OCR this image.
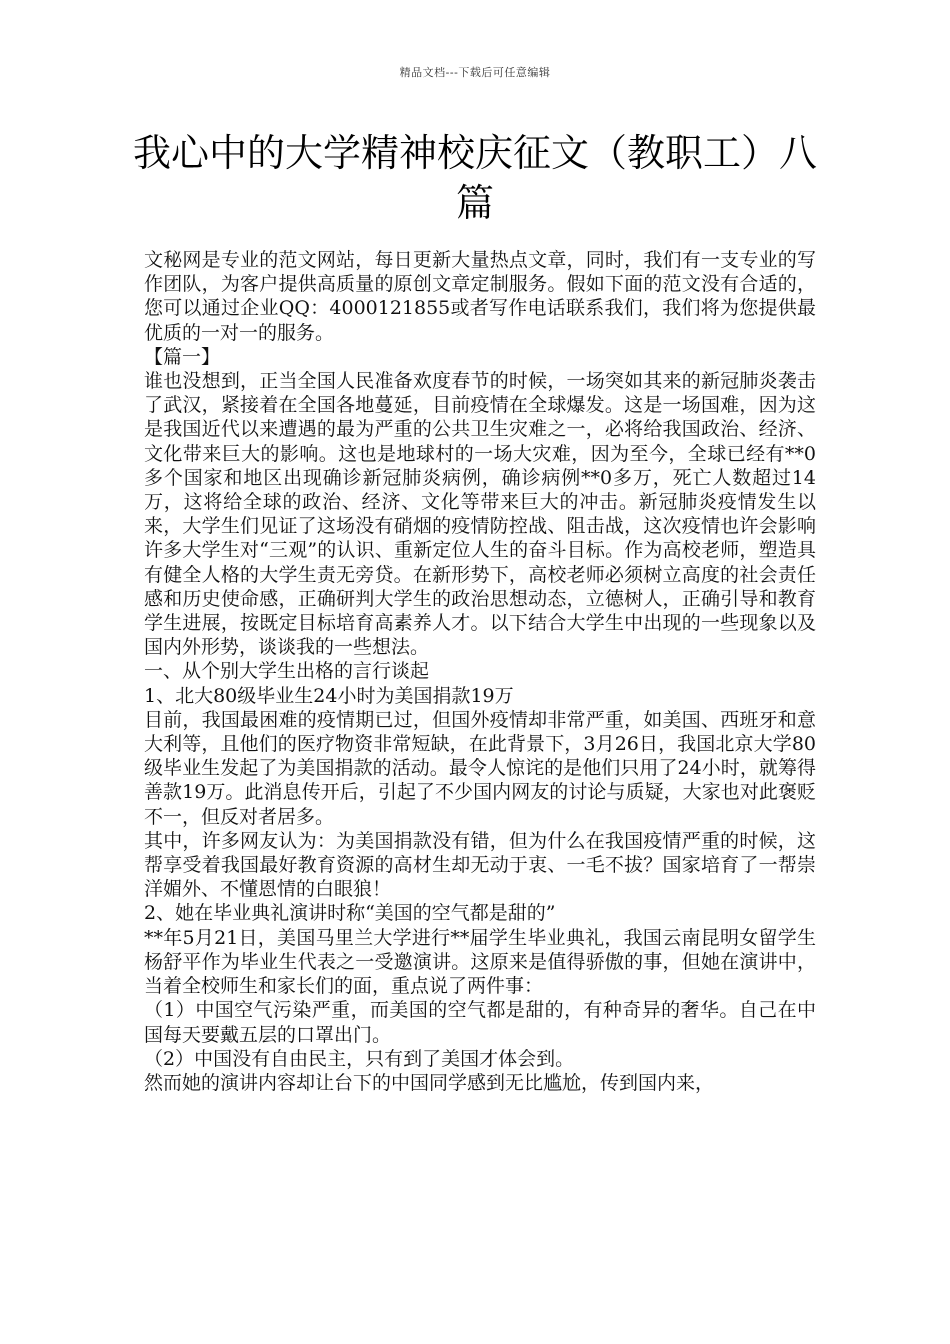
精品文档---下载后可任意编辑
我心中的大学精神校庆征文（教职工）八篇

文秘网是专业的范文网站，每日更新大量热点文章，同时，我们有一支专业的写作团队，为客户提供高质量的原创文章定制服务。假如下面的范文没有合适的，您可以通过企业QQ：4000121855或者写作电话联系我们，我们将为您提供最优质的一对一的服务。

【篇一】

谁也没想到，正当全国人民准备欢度春节的时候，一场突如其来的新冠肺炎袭击了武汉，紧接着在全国各地蔓延，目前疫情在全球爆发。这是一场国难，因为这是我国近代以来遭遇的最为严重的公共卫生灾难之一，必将给我国政治、经济、文化带来巨大的影响。这也是地球村的一场大灾难，因为至今，全球已经有**0多个国家和地区出现确诊新冠肺炎病例，确诊病例**0多万，死亡人数超过14万，这将给全球的政治、经济、文化等带来巨大的冲击。新冠肺炎疫情发生以来，大学生们见证了这场没有硝烟的疫情防控战、阻击战，这次疫情也许会影响许多大学生对“三观”的认识、重新定位人生的奋斗目标。作为高校老师，塑造具有健全人格的大学生责无旁贷。在新形势下，高校老师必须树立高度的社会责任感和历史使命感，正确研判大学生的政治思想动态，立德树人，正确引导和教育学生进展，按既定目标培育高素养人才。以下结合大学生中出现的一些现象以及国内外形势，谈谈我的一些想法。

一、从个别大学生出格的言行谈起

1、北大80级毕业生24小时为美国捐款19万

目前，我国最困难的疫情期已过，但国外疫情却非常严重，如美国、西班牙和意大利等，且他们的医疗物资非常短缺，在此背景下，3月26日，我国北京大学80级毕业生发起了为美国捐款的活动。最令人惊诧的是他们只用了24小时，就筹得善款19万。此消息传开后，引起了不少国内网友的讨论与质疑，大家也对此褒贬不一，但反对者居多。

其中，许多网友认为：为美国捐款没有错，但为什么在我国疫情严重的时候，这帮享受着我国最好教育资源的高材生却无动于衷、一毛不拔？国家培育了一帮崇洋媚外、不懂恩情的白眼狼！

2、她在毕业典礼演讲时称“美国的空气都是甜的”

**年5月21日，美国马里兰大学进行**届学生毕业典礼，我国云南昆明女留学生杨舒平作为毕业生代表之一受邀演讲。这原来是值得骄傲的事，但她在演讲中，当着全校师生和家长们的面，重点说了两件事：

（1）中国空气污染严重，而美国的空气都是甜的，有种奇异的奢华。自己在中国每天要戴五层的口罩出门。

（2）中国没有自由民主，只有到了美国才体会到。

然而她的演讲内容却让台下的中国同学感到无比尴尬，传到国内来，
